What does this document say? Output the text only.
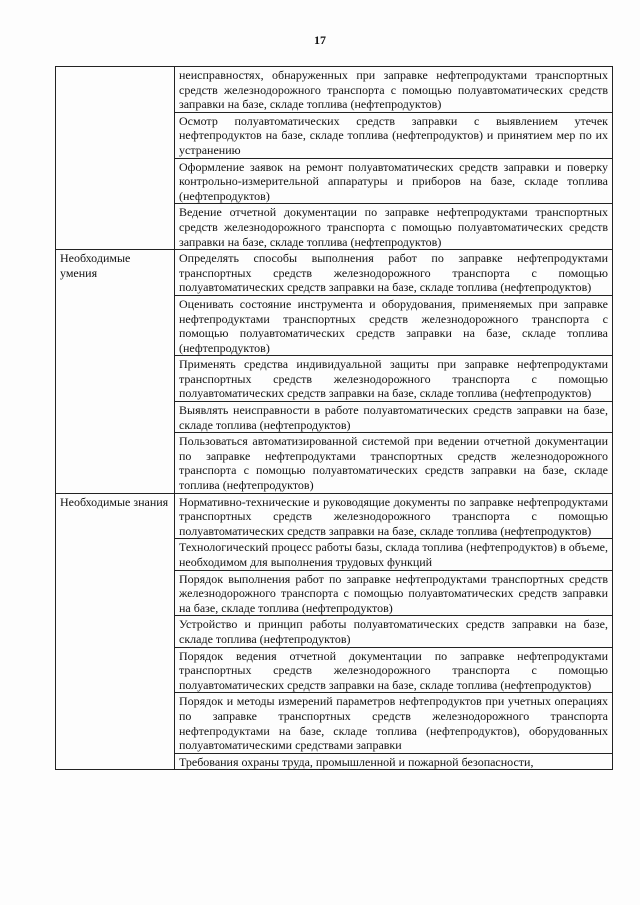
17
	неисправностях, обнаруженных при заправке нефтепродуктами транспортных средств железнодорожного транспорта с помощью полуавтоматических средств заправки на базе, складе топлива (нефтепродуктов)
	Осмотр полуавтоматических средств заправки с выявлением утечек нефтепродуктов на базе, складе топлива (нефтепродуктов) и принятием мер по их устранению
	Оформление заявок на ремонт полуавтоматических средств заправки и поверку контрольно-измерительной аппаратуры и приборов на базе, складе топлива (нефтепродуктов)
	Ведение отчетной документации по заправке нефтепродуктами транспортных средств железнодорожного транспорта с помощью полуавтоматических средств заправки на базе, складе топлива (нефтепродуктов)
Необходимые умения	Определять способы выполнения работ по заправке нефтепродуктами транспортных средств железнодорожного транспорта с помощью полуавтоматических средств заправки на базе, складе топлива (нефтепродуктов)
	Оценивать состояние инструмента и оборудования, применяемых при заправке нефтепродуктами транспортных средств железнодорожного транспорта с помощью полуавтоматических средств заправки на базе, складе топлива (нефтепродуктов)
	Применять средства индивидуальной защиты при заправке нефтепродуктами транспортных средств железнодорожного транспорта с помощью полуавтоматических средств заправки на базе, складе топлива (нефтепродуктов)
	Выявлять неисправности в работе полуавтоматических средств заправки на базе, складе топлива (нефтепродуктов)
	Пользоваться автоматизированной системой при ведении отчетной документации по заправке нефтепродуктами транспортных средств железнодорожного транспорта с помощью полуавтоматических средств заправки на базе, складе топлива (нефтепродуктов)
Необходимые знания	Нормативно-технические и руководящие документы по заправке нефтепродуктами транспортных средств железнодорожного транспорта с помощью полуавтоматических средств заправки на базе, складе топлива (нефтепродуктов)
	Технологический процесс работы базы, склада топлива (нефтепродуктов) в объеме, необходимом для выполнения трудовых функций
	Порядок выполнения работ по заправке нефтепродуктами транспортных средств железнодорожного транспорта с помощью полуавтоматических средств заправки на базе, складе топлива (нефтепродуктов)
	Устройство и принцип работы полуавтоматических средств заправки на базе, складе топлива (нефтепродуктов)
	Порядок ведения отчетной документации по заправке нефтепродуктами транспортных средств железнодорожного транспорта с помощью полуавтоматических средств заправки на базе, складе топлива (нефтепродуктов)
	Порядок и методы измерений параметров нефтепродуктов при учетных операциях по заправке транспортных средств железнодорожного транспорта нефтепродуктами на базе, складе топлива (нефтепродуктов), оборудованных полуавтоматическими средствами заправки
	Требования охраны труда, промышленной и пожарной безопасности,
